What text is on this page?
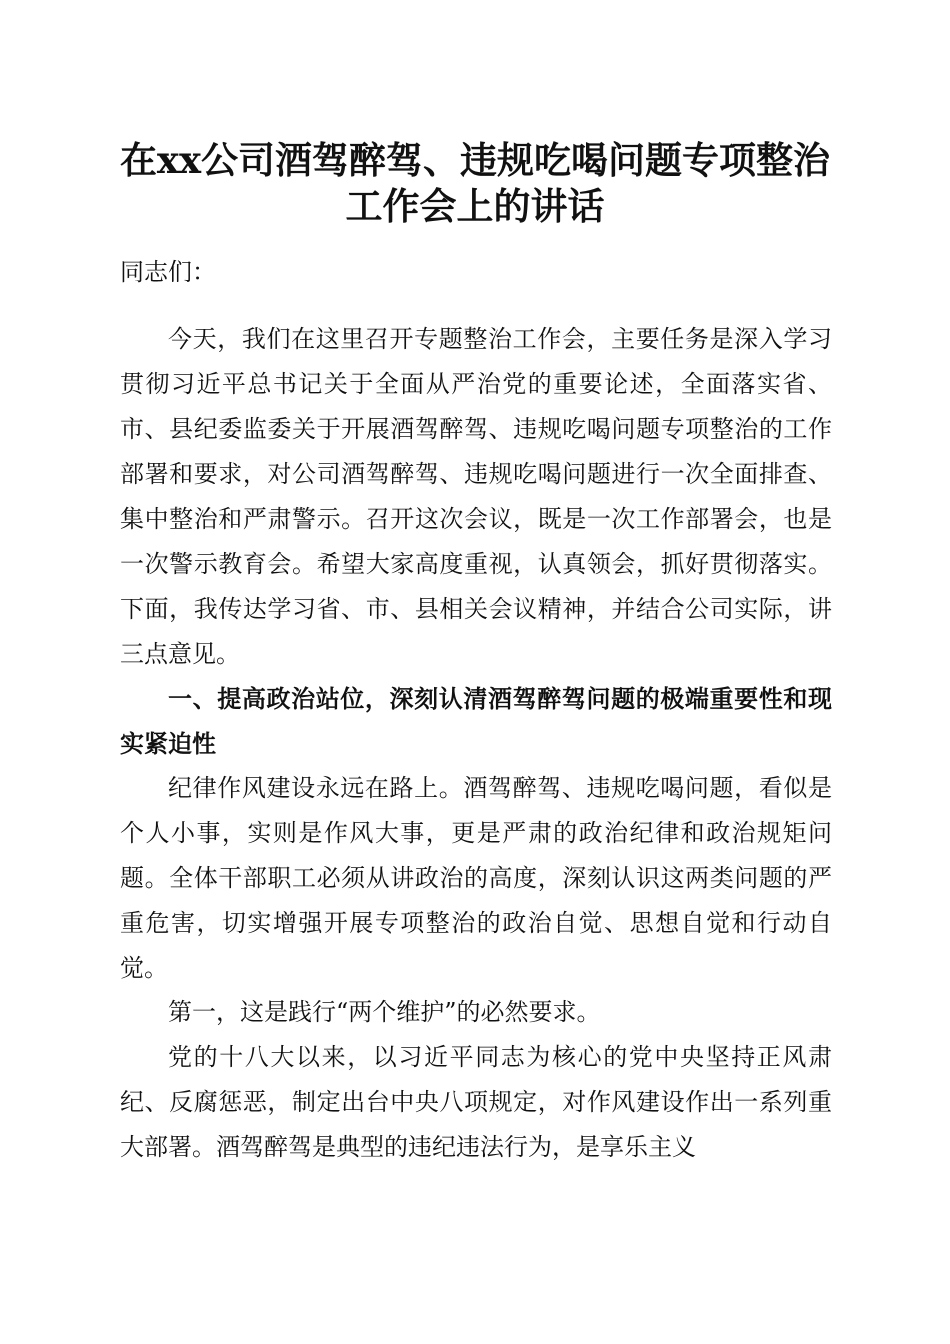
在xx公司酒驾醉驾、违规吃喝问题专项整治
工作会上的讲话

同志们：

今天，我们在这里召开专题整治工作会，主要任务是深入学习贯彻习近平总书记关于全面从严治党的重要论述，全面落实省、市、县纪委监委关于开展酒驾醉驾、违规吃喝问题专项整治的工作部署和要求，对公司酒驾醉驾、违规吃喝问题进行一次全面排查、集中整治和严肃警示。召开这次会议，既是一次工作部署会，也是一次警示教育会。希望大家高度重视，认真领会，抓好贯彻落实。下面，我传达学习省、市、县相关会议精神，并结合公司实际，讲三点意见。

一、提高政治站位，深刻认清酒驾醉驾问题的极端重要性和现实紧迫性

纪律作风建设永远在路上。酒驾醉驾、违规吃喝问题，看似是个人小事，实则是作风大事，更是严肃的政治纪律和政治规矩问题。全体干部职工必须从讲政治的高度，深刻认识这两类问题的严重危害，切实增强开展专项整治的政治自觉、思想自觉和行动自觉。

第一，这是践行“两个维护”的必然要求。

党的十八大以来，以习近平同志为核心的党中央坚持正风肃纪、反腐惩恶，制定出台中央八项规定，对作风建设作出一系列重大部署。酒驾醉驾是典型的违纪违法行为，是享乐主义
